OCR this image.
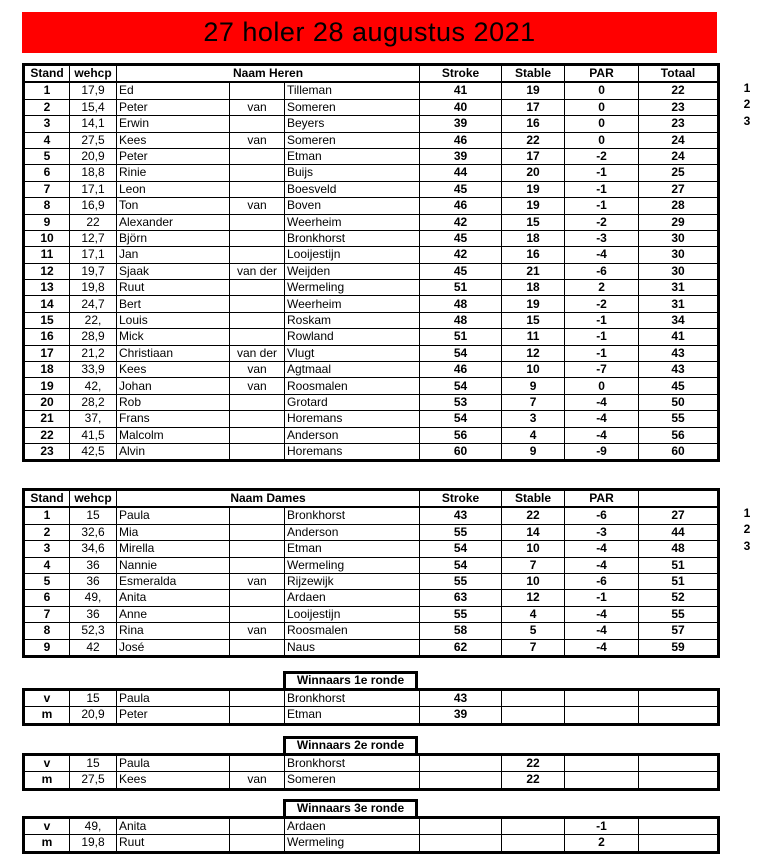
27 holer 28 augustus 2021
Stand	wehcp	Naam Heren			Stroke	Stable	PAR	Totaal
1	17,9	Ed		Tilleman	41	19	0	22
2	15,4	Peter	van	Someren	40	17	0	23
3	14,1	Erwin		Beyers	39	16	0	23
4	27,5	Kees	van	Someren	46	22	0	24
5	20,9	Peter		Etman	39	17	-2	24
6	18,8	Rinie		Buijs	44	20	-1	25
7	17,1	Leon		Boesveld	45	19	-1	27
8	16,9	Ton	van	Boven	46	19	-1	28
9	22	Alexander		Weerheim	42	15	-2	29
10	12,7	Björn		Bronkhorst	45	18	-3	30
11	17,1	Jan		Looijestijn	42	16	-4	30
12	19,7	Sjaak	van der	Weijden	45	21	-6	30
13	19,8	Ruut		Wermeling	51	18	2	31
14	24,7	Bert		Weerheim	48	19	-2	31
15	22,	Louis		Roskam	48	15	-1	34
16	28,9	Mick		Rowland	51	11	-1	41
17	21,2	Christiaan	van der	Vlugt	54	12	-1	43
18	33,9	Kees	van	Agtmaal	46	10	-7	43
19	42,	Johan	van	Roosmalen	54	9	0	45
20	28,2	Rob		Grotard	53	7	-4	50
21	37,	Frans		Horemans	54	3	-4	55
22	41,5	Malcolm		Anderson	56	4	-4	56
23	42,5	Alvin		Horemans	60	9	-9	60
1
2
3
Stand	wehcp	Naam Dames			Stroke	Stable	PAR	
1	15	Paula		Bronkhorst	43	22	-6	27
2	32,6	Mia		Anderson	55	14	-3	44
3	34,6	Mirella		Etman	54	10	-4	48
4	36	Nannie		Wermeling	54	7	-4	51
5	36	Esmeralda	van	Rijzewijk	55	10	-6	51
6	49,	Anita		Ardaen	63	12	-1	52
7	36	Anne		Looijestijn	55	4	-4	55
8	52,3	Rina	van	Roosmalen	58	5	-4	57
9	42	José		Naus	62	7	-4	59
1
2
3
Winnaars 1e ronde
v	15	Paula		Bronkhorst	43			
m	20,9	Peter		Etman	39			
Winnaars 2e ronde
v	15	Paula		Bronkhorst		22		
m	27,5	Kees	van	Someren		22		
Winnaars 3e ronde
v	49,	Anita		Ardaen			-1	
m	19,8	Ruut		Wermeling			2	
